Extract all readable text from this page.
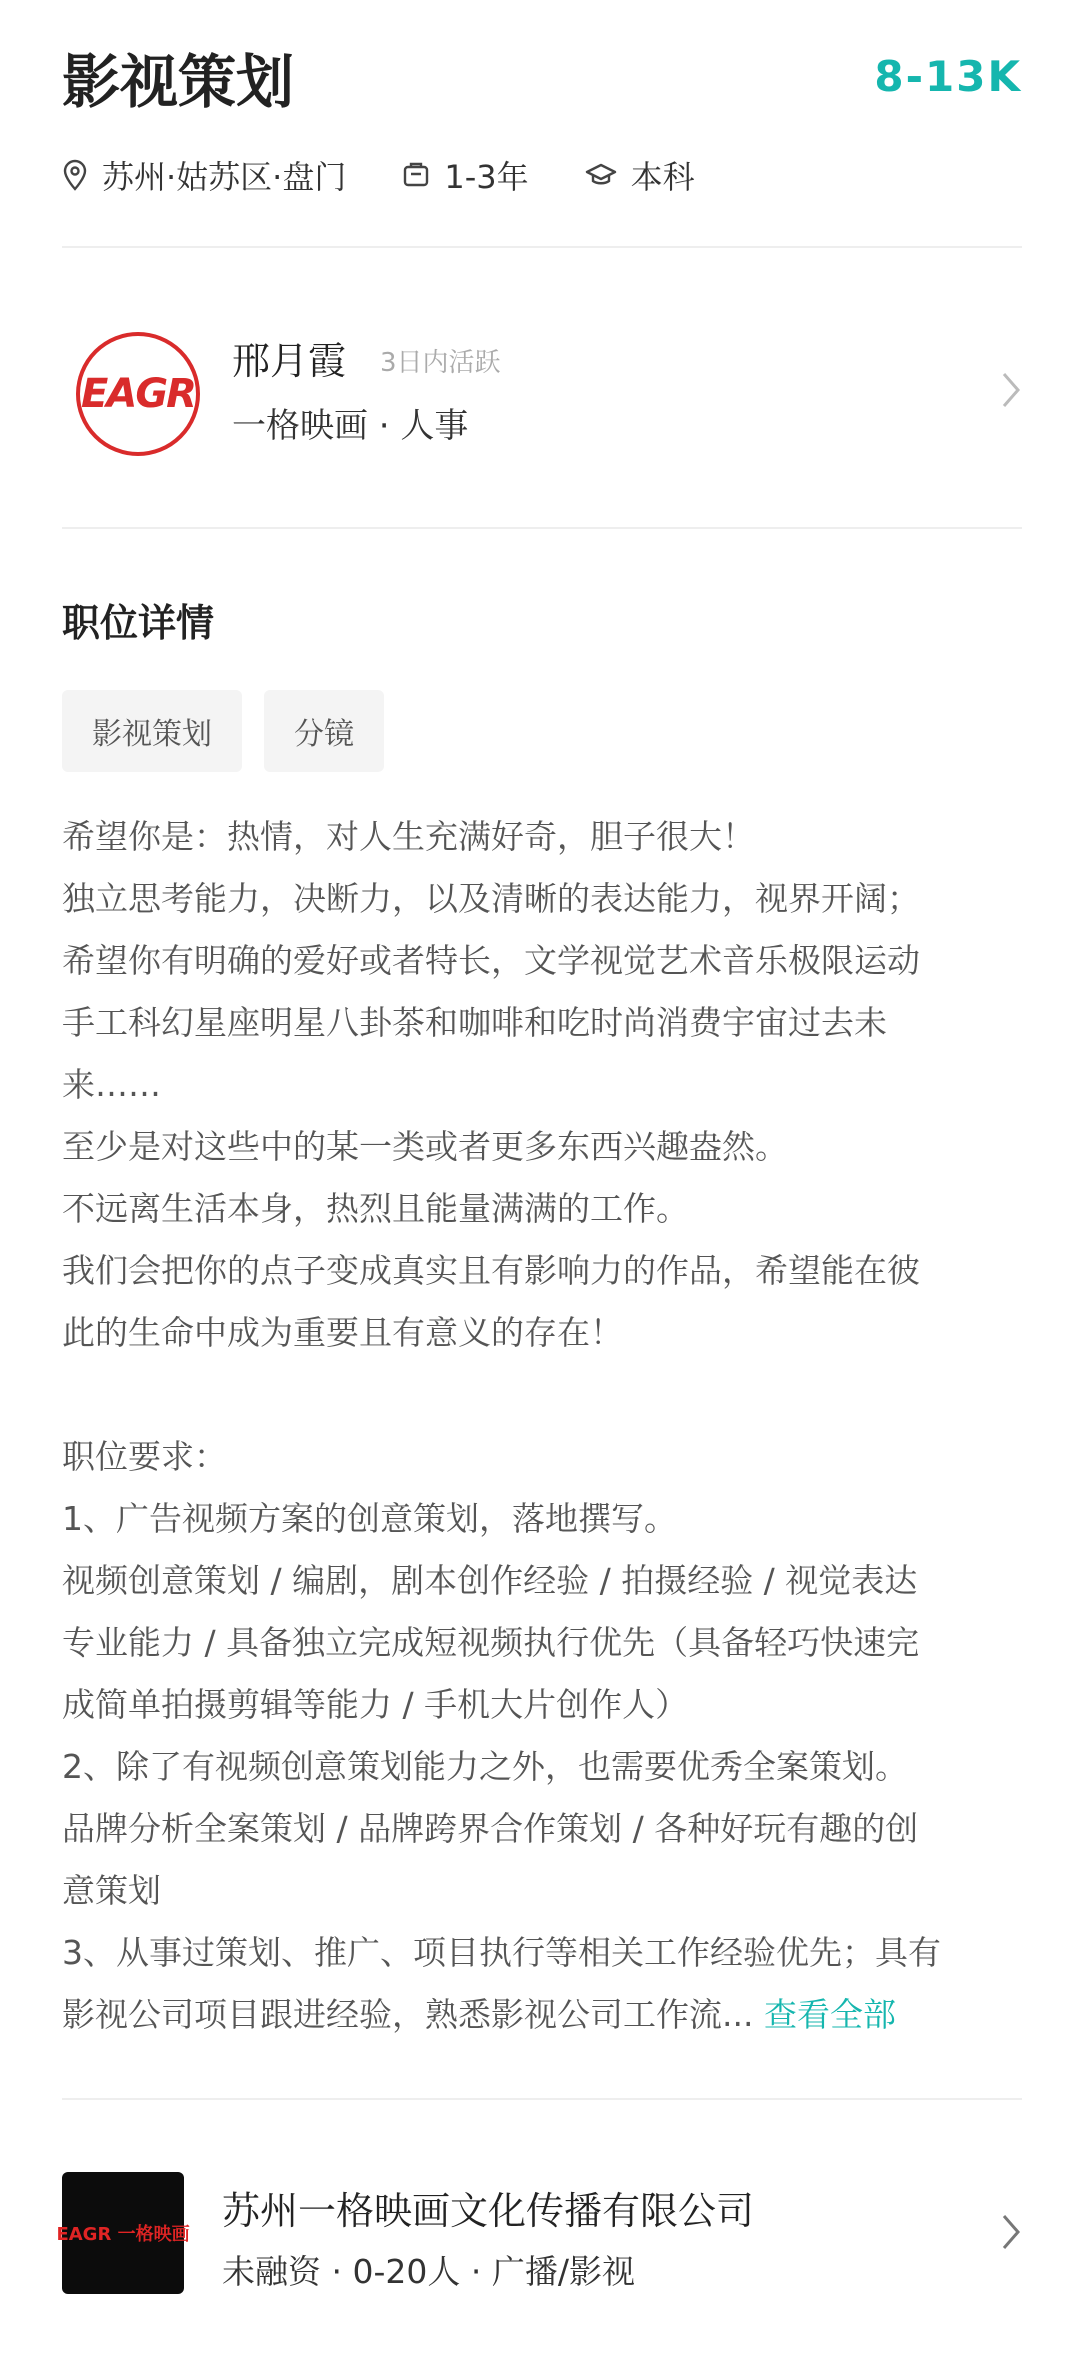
影视策划	8-13K
苏州·姑苏区·盘门	1-3年	本科
EAGR
邢月霞 3日内活跃
一格映画 · 人事
职位详情
影视策划	分镜
希望你是：热情，对人生充满好奇，胆子很大！
独立思考能力，决断力，以及清晰的表达能力，视界开阔；
希望你有明确的爱好或者特长，文学视觉艺术音乐极限运动
手工科幻星座明星八卦茶和咖啡和吃时尚消费宇宙过去未
来……
至少是对这些中的某一类或者更多东西兴趣盎然。
不远离生活本身，热烈且能量满满的工作。
我们会把你的点子变成真实且有影响力的作品，希望能在彼
此的生命中成为重要且有意义的存在！
职位要求：
1、广告视频方案的创意策划，落地撰写。
视频创意策划 / 编剧，剧本创作经验 / 拍摄经验 / 视觉表达
专业能力 / 具备独立完成短视频执行优先（具备轻巧快速完
成简单拍摄剪辑等能力 / 手机大片创作人）
2、除了有视频创意策划能力之外，也需要优秀全案策划。
品牌分析全案策划 / 品牌跨界合作策划 / 各种好玩有趣的创
意策划
3、从事过策划、推广、项目执行等相关工作经验优先；具有
影视公司项目跟进经验，熟悉影视公司工作流... 查看全部
EAGR 一格映画
苏州一格映画文化传播有限公司
未融资 · 0-20人 · 广播/影视
